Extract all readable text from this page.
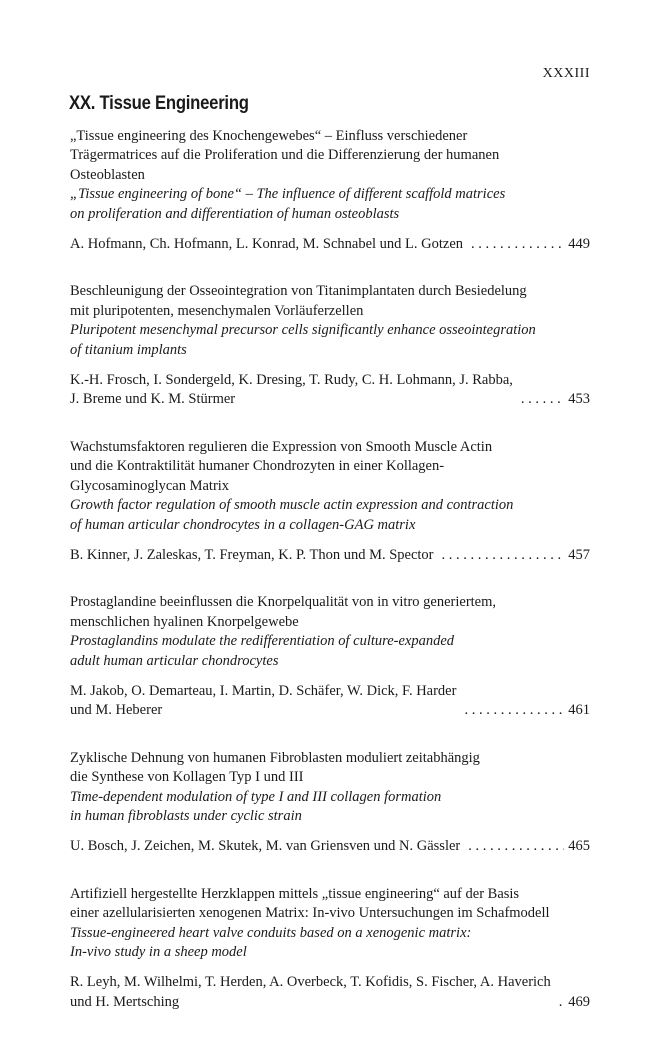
XXXIII
XX. Tissue Engineering

„Tissue engineering des Knochengewebes“ – Einfluss verschiedener
Trägermatrices auf die Proliferation und die Differenzierung der humanen
Osteoblasten

„Tissue engineering of bone“ – The influence of different scaffold matrices
on proliferation and differentiation of human osteoblasts

A. Hofmann, Ch. Hofmann, L. Konrad, M. Schnabel und L. Gotzen . . .	449

Beschleunigung der Osseointegration von Titanimplantaten durch Besiedelung
mit pluripotenten, mesenchymalen Vorläuferzellen

Pluripotent mesenchymal precursor cells significantly enhance osseointegration
of titanium implants

K.-H. Frosch, I. Sondergeld, K. Dresing, T. Rudy, C. H. Lohmann, J. Rabba,
J. Breme und K. M. Stürmer . . .	453

Wachstumsfaktoren regulieren die Expression von Smooth Muscle Actin
und die Kontraktilität humaner Chondrozyten in einer Kollagen-
Glycosaminoglycan Matrix

Growth factor regulation of smooth muscle actin expression and contraction
of human articular chondrocytes in a collagen-GAG matrix

B. Kinner, J. Zaleskas, T. Freyman, K. P. Thon und M. Spector . . .	457

Prostaglandine beeinflussen die Knorpelqualität von in vitro generiertem,
menschlichen hyalinen Knorpelgewebe

Prostaglandins modulate the redifferentiation of culture-expanded
adult human articular chondrocytes

M. Jakob, O. Demarteau, I. Martin, D. Schäfer, W. Dick, F. Harder
und M. Heberer . . .	461

Zyklische Dehnung von humanen Fibroblasten moduliert zeitabhängig
die Synthese von Kollagen Typ I und III

Time-dependent modulation of type I and III collagen formation
in human fibroblasts under cyclic strain

U. Bosch, J. Zeichen, M. Skutek, M. van Griensven und N. Gässler . . .	465

Artifiziell hergestellte Herzklappen mittels „tissue engineering“ auf der Basis
einer azellularisierten xenogenen Matrix: In-vivo Untersuchungen im Schafmodell

Tissue-engineered heart valve conduits based on a xenogenic matrix:
In-vivo study in a sheep model

R. Leyh, M. Wilhelmi, T. Herden, A. Overbeck, T. Kofidis, S. Fischer, A. Haverich
und H. Mertsching . . .	469
